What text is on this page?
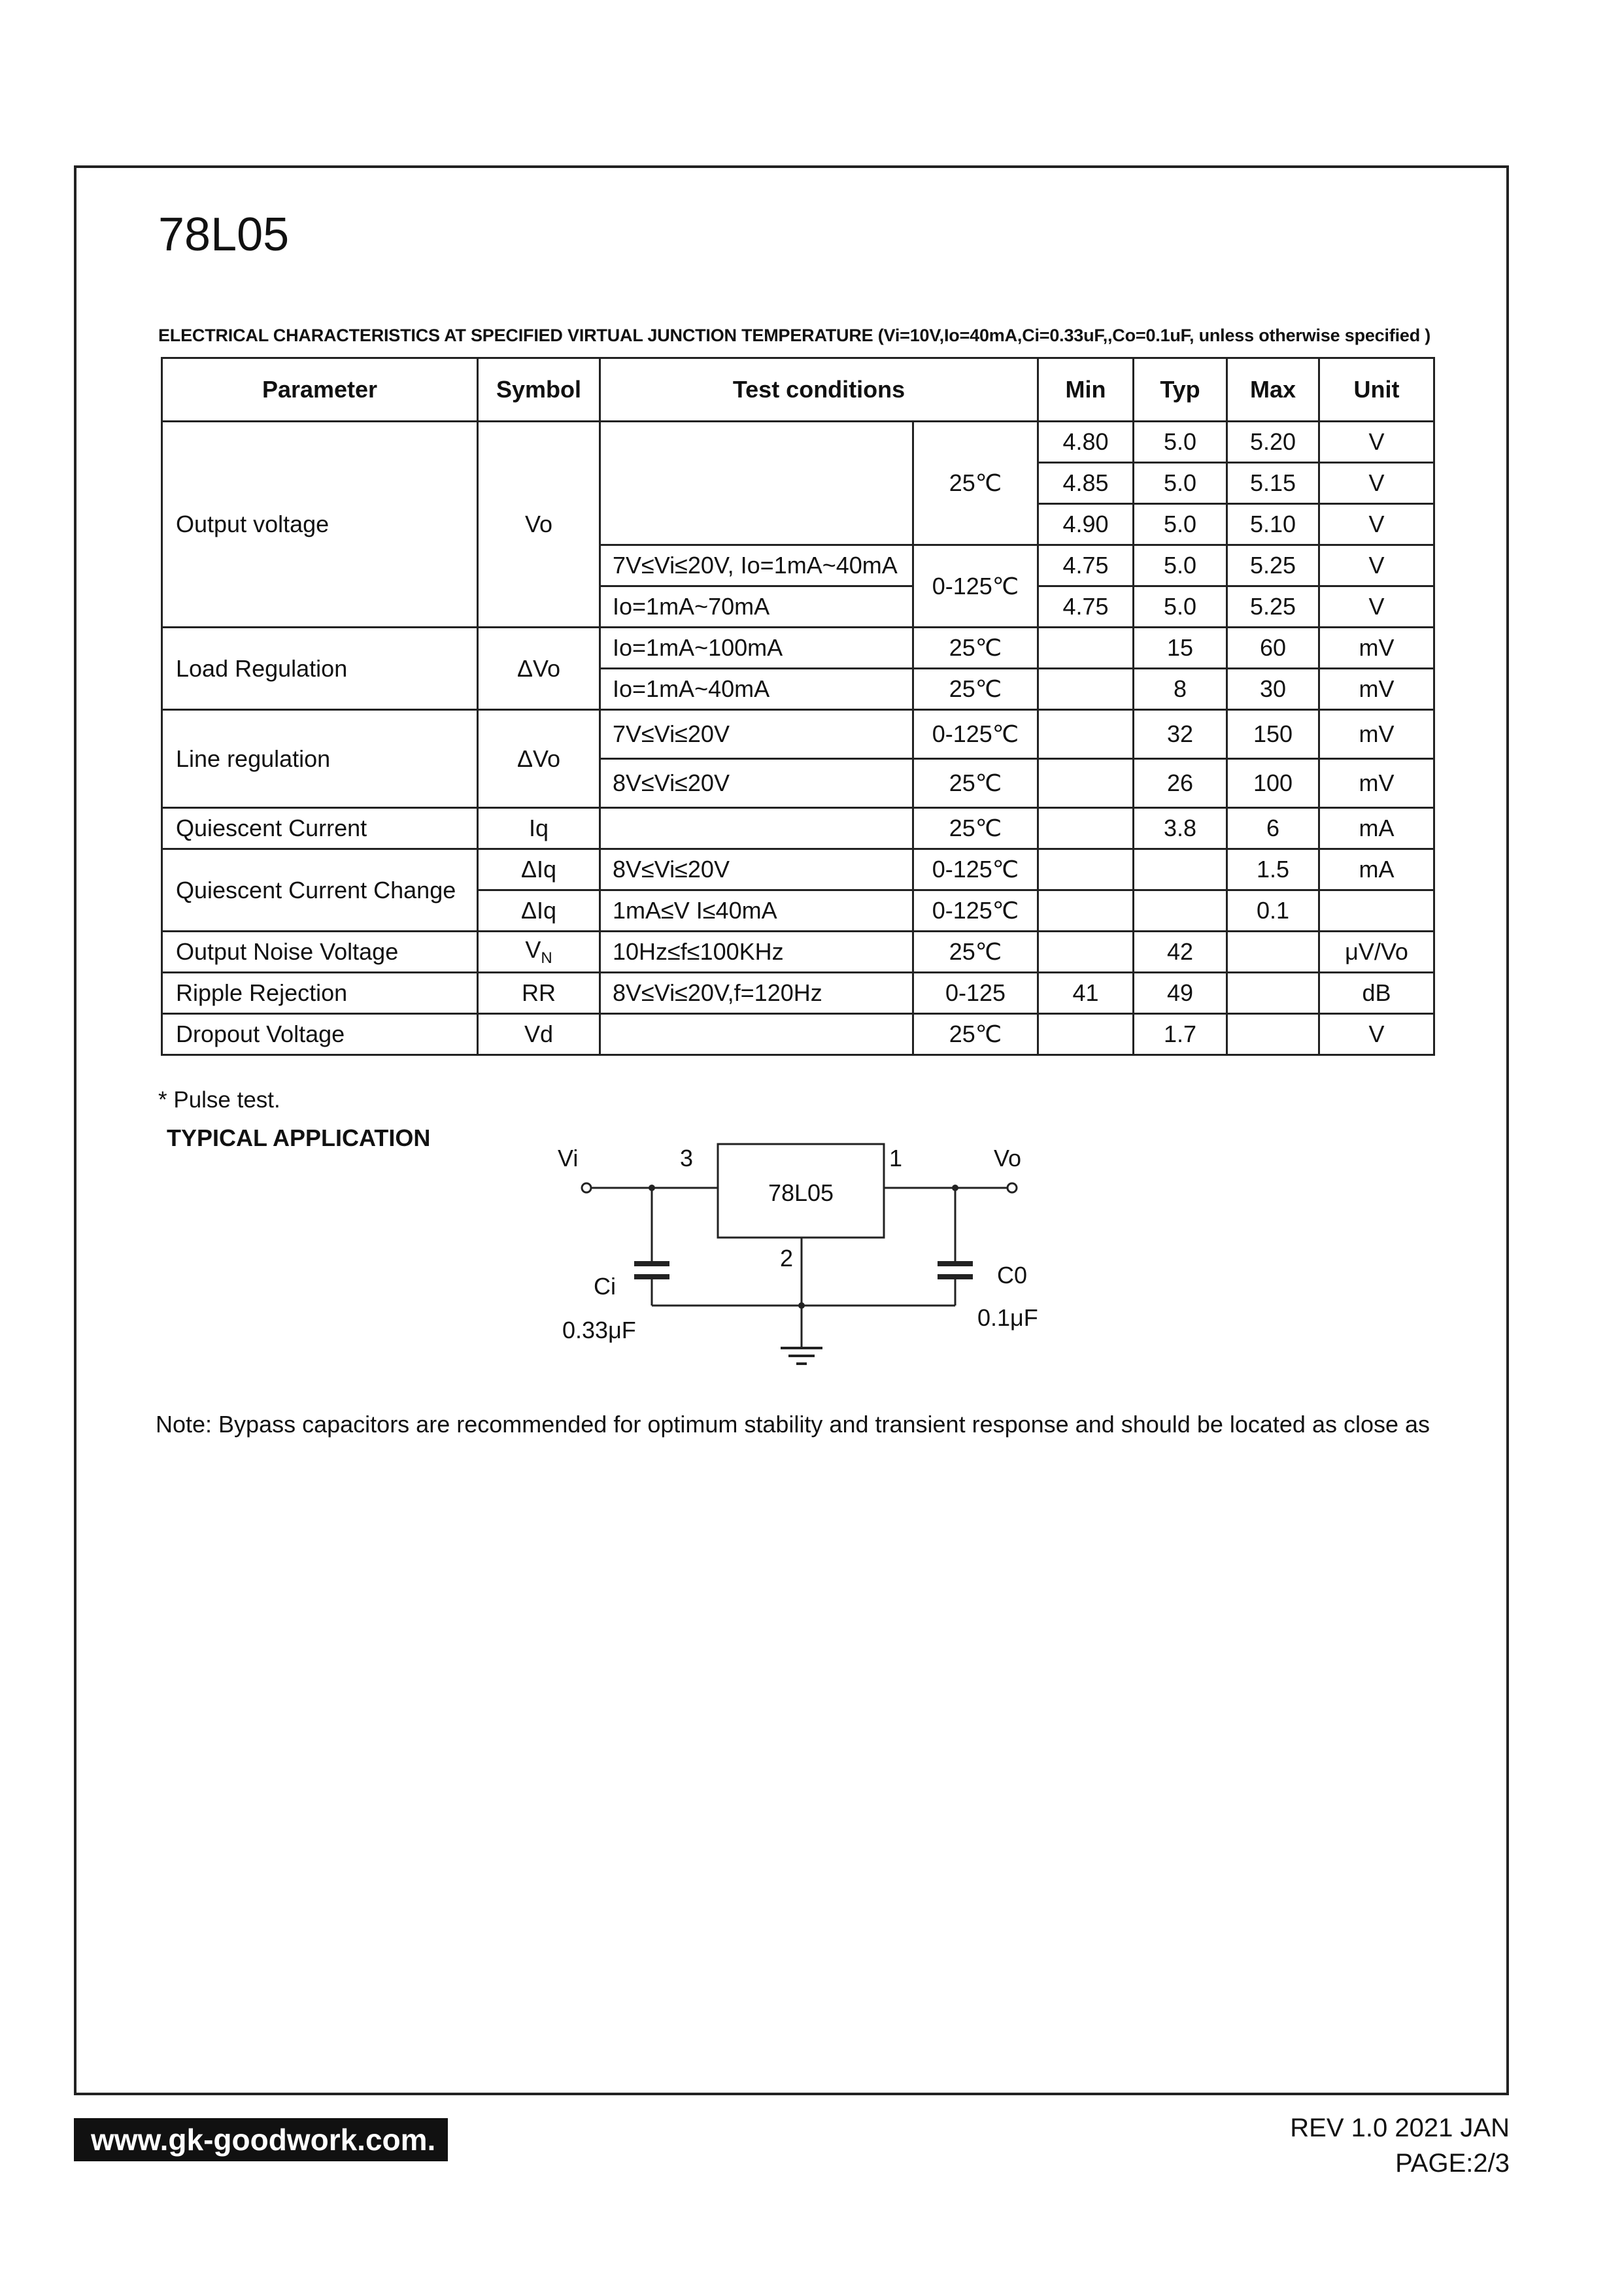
78L05
ELECTRICAL CHARACTERISTICS AT SPECIFIED VIRTUAL JUNCTION TEMPERATURE (Vi=10V,Io=40mA,Ci=0.33uF,,Co=0.1uF, unless otherwise specified )
Parameter	Symbol	Test conditions		Min	Typ	Max	Unit
Output voltage	Vo		25℃	4.80	5.0	5.20	V
				4.85	5.0	5.15	V
				4.90	5.0	5.10	V
		7V≤Vi≤20V, Io=1mA~40mA	0-125℃	4.75	5.0	5.25	V
		Io=1mA~70mA		4.75	5.0	5.25	V
Load Regulation	ΔVo	Io=1mA~100mA	25℃		15	60	mV
		Io=1mA~40mA	25℃		8	30	mV
Line regulation	ΔVo	7V≤Vi≤20V	0-125℃		32	150	mV
		8V≤Vi≤20V	25℃		26	100	mV
Quiescent Current	Iq		25℃		3.8	6	mA
Quiescent Current Change	ΔIq	8V≤Vi≤20V	0-125℃			1.5	mA
	ΔIq	1mA≤V I≤40mA	0-125℃			0.1	
Output Noise Voltage	$V_N$	10Hz≤f≤100KHz	25℃		42		μV/Vo
Ripple Rejection	RR	8V≤Vi≤20V,f=120Hz	0-125	41	49		dB
Dropout Voltage	Vd		25℃		1.7		V
* Pulse test.
TYPICAL APPLICATION
Vi	3	1	Vo
78L05
2
Ci
0.33μF
C0
0.1μF
Note: Bypass capacitors are recommended for optimum stability and transient response and should be located as close as
www.gk-goodwork.com.	REV 1.0 2021 JAN
PAGE:2/3
